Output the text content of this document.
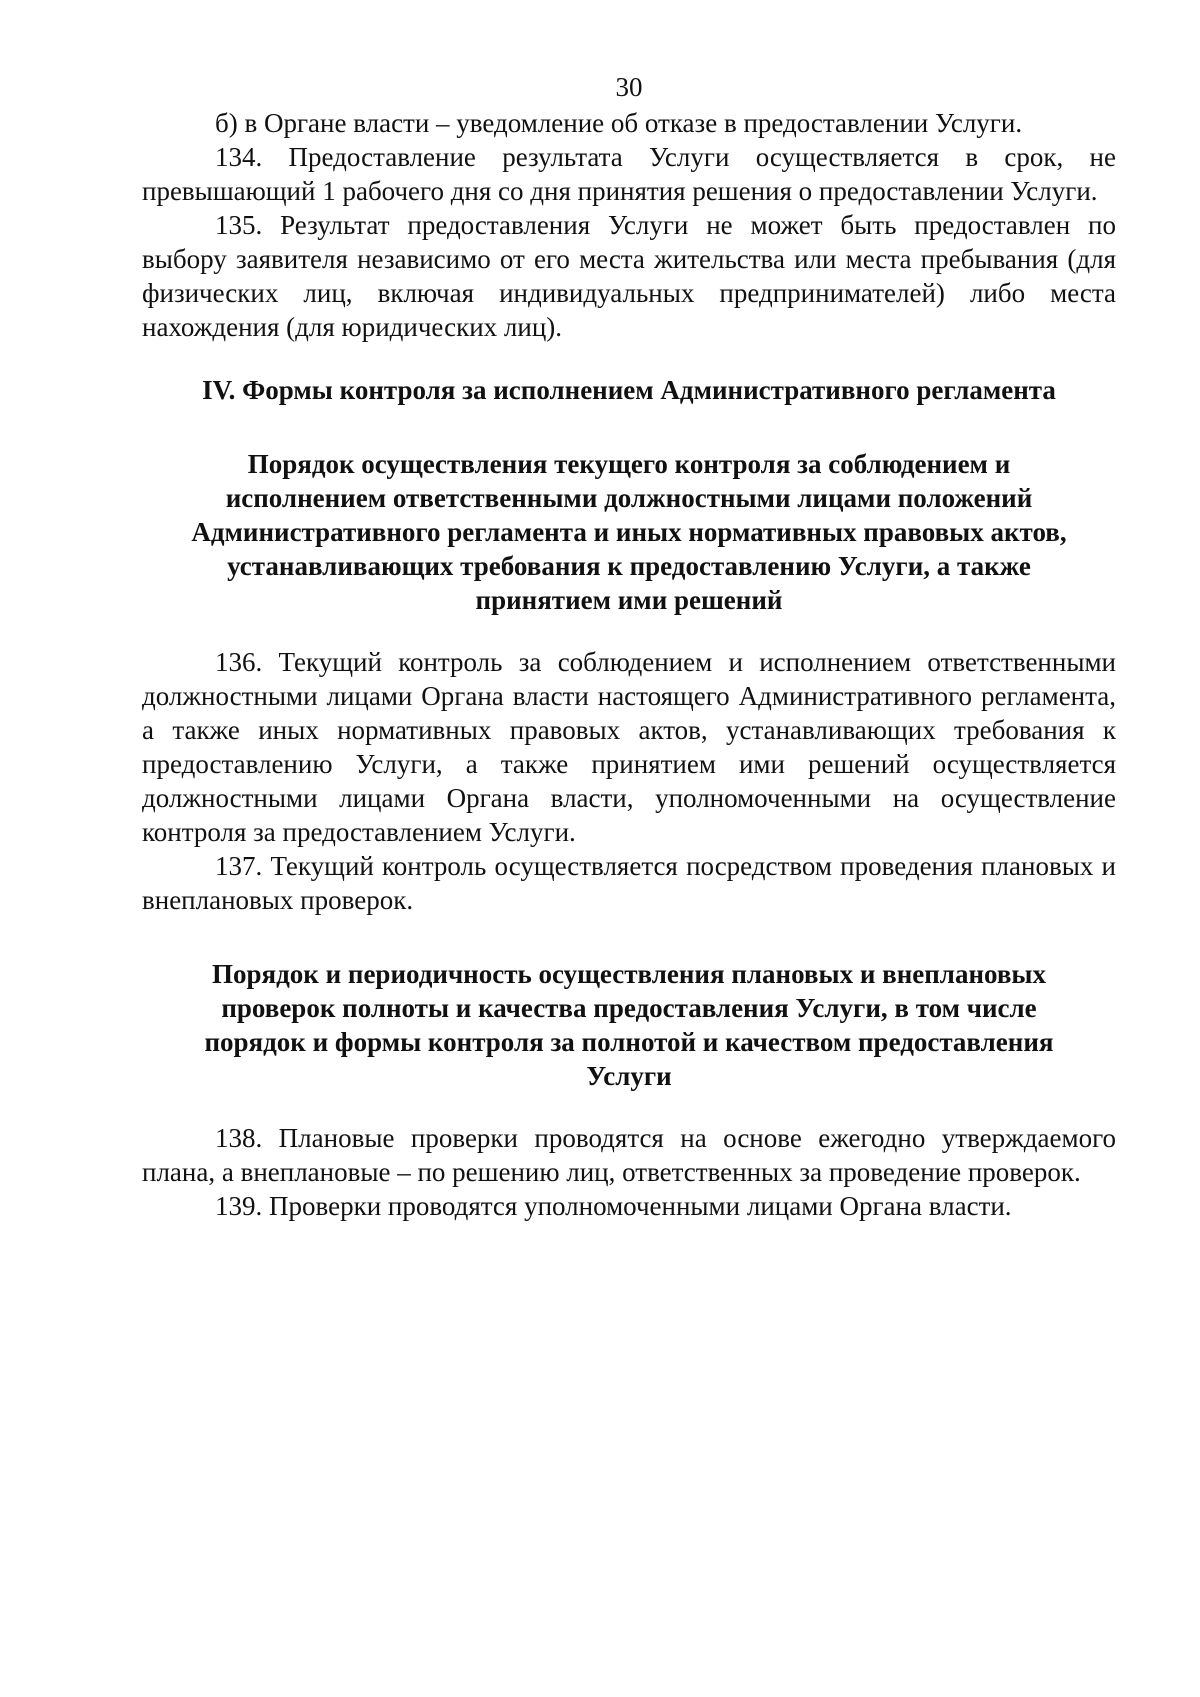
30

б) в Органе власти – уведомление об отказе в предоставлении Услуги.

134. Предоставление результата Услуги осуществляется в срок, не превышающий 1 рабочего дня со дня принятия решения о предоставлении Услуги.

135. Результат предоставления Услуги не может быть предоставлен по выбору заявителя независимо от его места жительства или места пребывания (для физических лиц, включая индивидуальных предпринимателей) либо места нахождения (для юридических лиц).

IV. Формы контроля за исполнением Административного регламента
Порядок осуществления текущего контроля за соблюдением и исполнением ответственными должностными лицами положений Административного регламента и иных нормативных правовых актов, устанавливающих требования к предоставлению Услуги, а также принятием ими решений

136. Текущий контроль за соблюдением и исполнением ответственными должностными лицами Органа власти настоящего Административного регламента, а также иных нормативных правовых актов, устанавливающих требования к предоставлению Услуги, а также принятием ими решений осуществляется должностными лицами Органа власти, уполномоченными на осуществление контроля за предоставлением Услуги.

137. Текущий контроль осуществляется посредством проведения плановых и внеплановых проверок.

Порядок и периодичность осуществления плановых и внеплановых проверок полноты и качества предоставления Услуги, в том числе порядок и формы контроля за полнотой и качеством предоставления Услуги

138. Плановые проверки проводятся на основе ежегодно утверждаемого плана, а внеплановые – по решению лиц, ответственных за проведение проверок.

139. Проверки проводятся уполномоченными лицами Органа власти.
